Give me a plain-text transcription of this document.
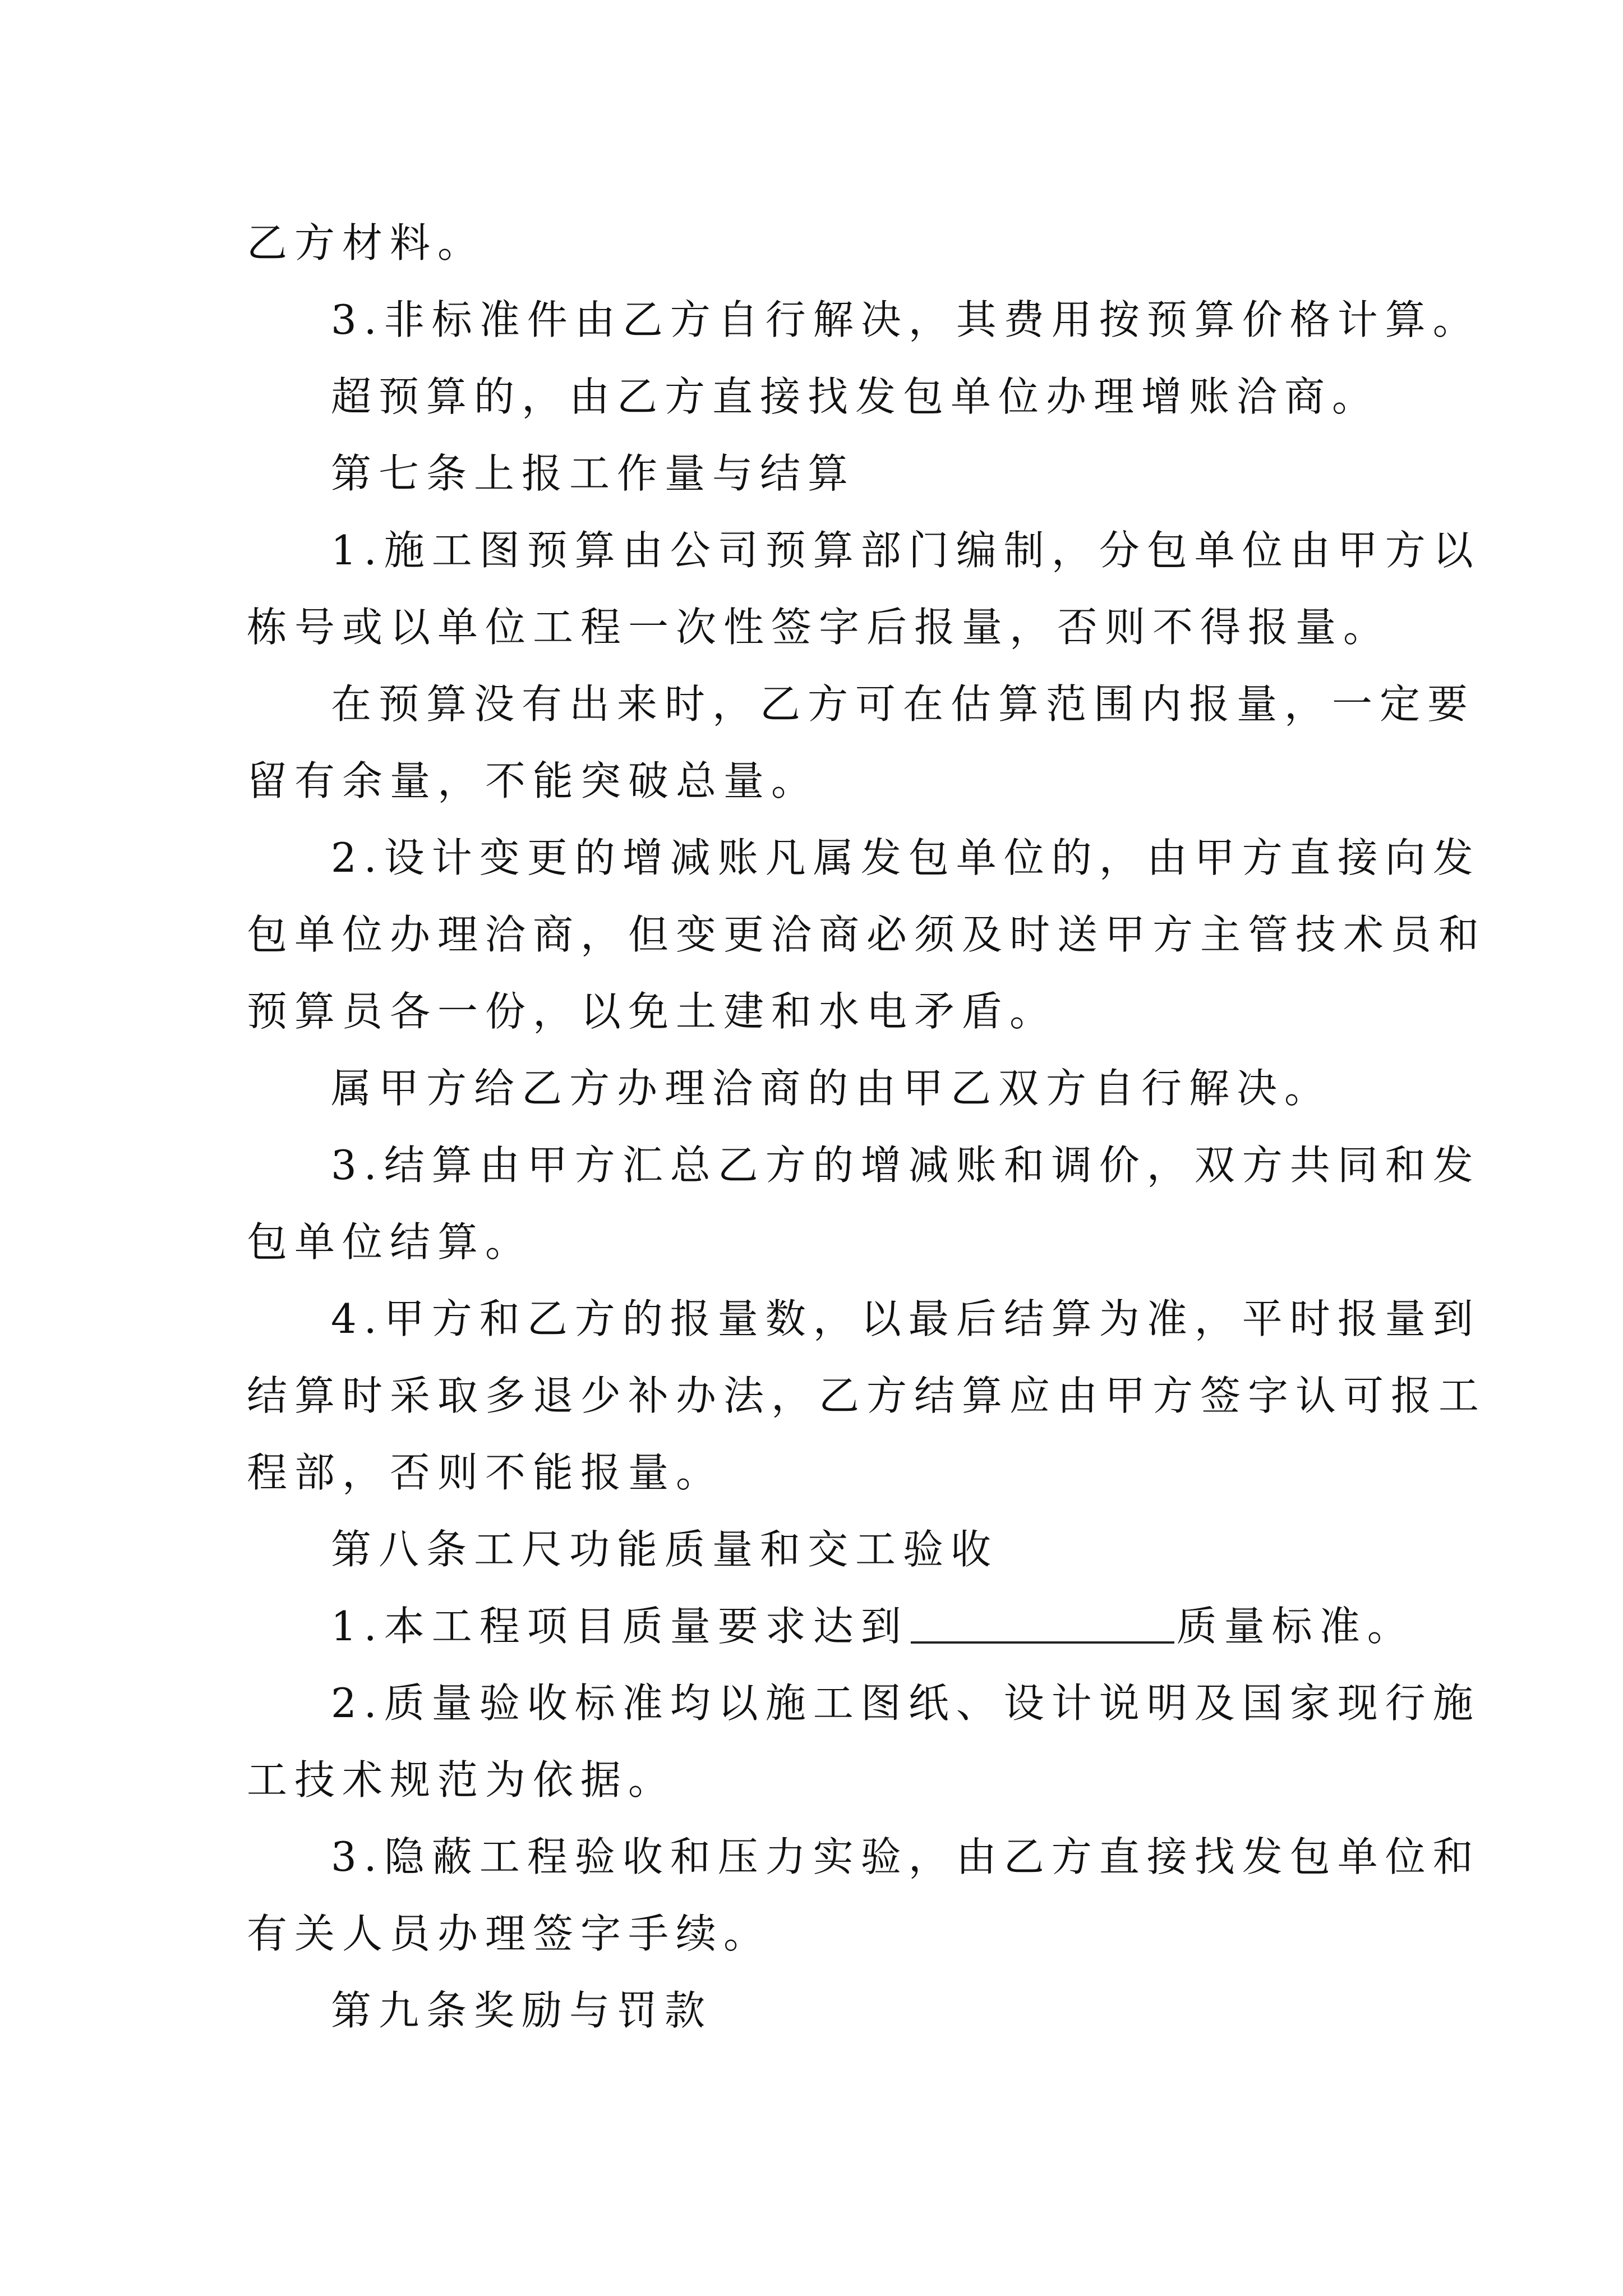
乙方材料。

3.非标准件由乙方自行解决，其费用按预算价格计算。

超预算的，由乙方直接找发包单位办理增账洽商。

第七条上报工作量与结算

1.施工图预算由公司预算部门编制，分包单位由甲方以

栋号或以单位工程一次性签字后报量，否则不得报量。

在预算没有出来时，乙方可在估算范围内报量，一定要

留有余量，不能突破总量。

2.设计变更的增减账凡属发包单位的，由甲方直接向发

包单位办理洽商，但变更洽商必须及时送甲方主管技术员和

预算员各一份，以免土建和水电矛盾。

属甲方给乙方办理洽商的由甲乙双方自行解决。

3.结算由甲方汇总乙方的增减账和调价，双方共同和发

包单位结算。

4.甲方和乙方的报量数，以最后结算为准，平时报量到

结算时采取多退少补办法，乙方结算应由甲方签字认可报工

程部，否则不能报量。

第八条工尺功能质量和交工验收

1.本工程项目质量要求达到	质量标准。

2.质量验收标准均以施工图纸、设计说明及国家现行施

工技术规范为依据。

3.隐蔽工程验收和压力实验，由乙方直接找发包单位和

有关人员办理签字手续。

第九条奖励与罚款
